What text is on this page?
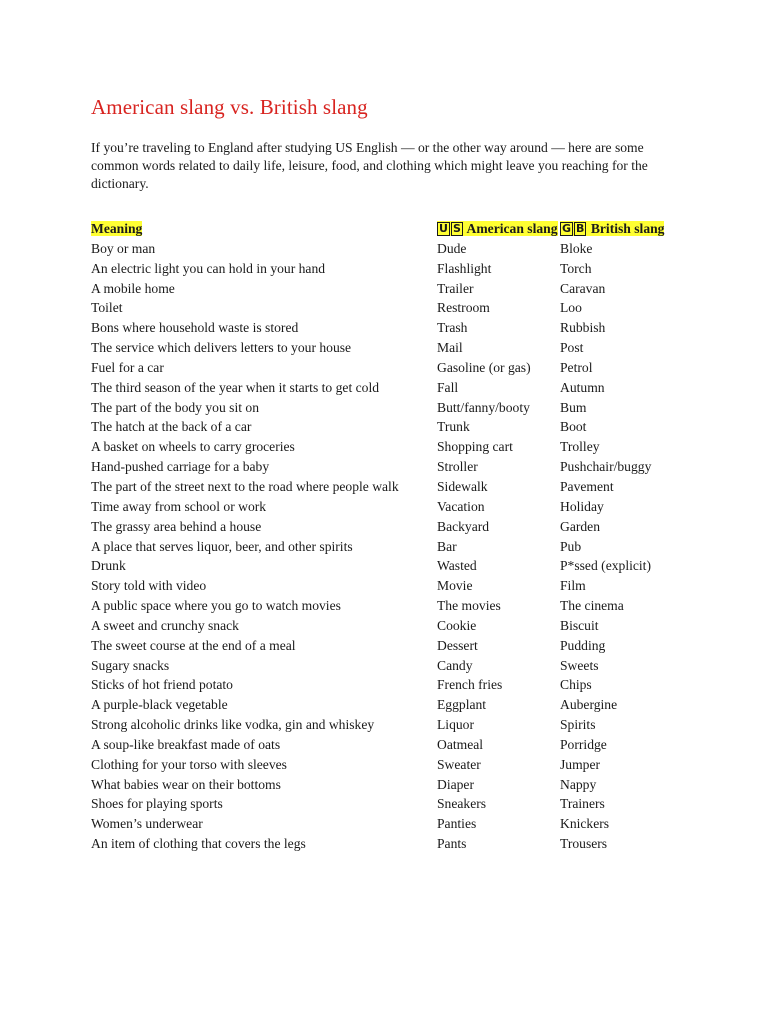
American slang vs. British slang
If you’re traveling to England after studying US English — or the other way around — here are some common words related to daily life, leisure, food, and clothing which might leave you reaching for the dictionary.
Meaning	U S American slang	G B British slang

Boy or man	Dude	Bloke
An electric light you can hold in your hand	Flashlight	Torch
A mobile home	Trailer	Caravan
Toilet	Restroom	Loo
Bons where household waste is stored	Trash	Rubbish
The service which delivers letters to your house	Mail	Post
Fuel for a car	Gasoline (or gas)	Petrol
The third season of the year when it starts to get cold	Fall	Autumn
The part of the body you sit on	Butt/fanny/booty	Bum
The hatch at the back of a car	Trunk	Boot
A basket on wheels to carry groceries	Shopping cart	Trolley
Hand-pushed carriage for a baby	Stroller	Pushchair/buggy
The part of the street next to the road where people walk	Sidewalk	Pavement
Time away from school or work	Vacation	Holiday
The grassy area behind a house	Backyard	Garden
A place that serves liquor, beer, and other spirits	Bar	Pub
Drunk	Wasted	P*ssed (explicit)
Story told with video	Movie	Film
A public space where you go to watch movies	The movies	The cinema
A sweet and crunchy snack	Cookie	Biscuit
The sweet course at the end of a meal	Dessert	Pudding
Sugary snacks	Candy	Sweets
Sticks of hot friend potato	French fries	Chips
A purple-black vegetable	Eggplant	Aubergine
Strong alcoholic drinks like vodka, gin and whiskey	Liquor	Spirits
A soup-like breakfast made of oats	Oatmeal	Porridge
Clothing for your torso with sleeves	Sweater	Jumper
What babies wear on their bottoms	Diaper	Nappy
Shoes for playing sports	Sneakers	Trainers
Women’s underwear	Panties	Knickers
An item of clothing that covers the legs	Pants	Trousers
